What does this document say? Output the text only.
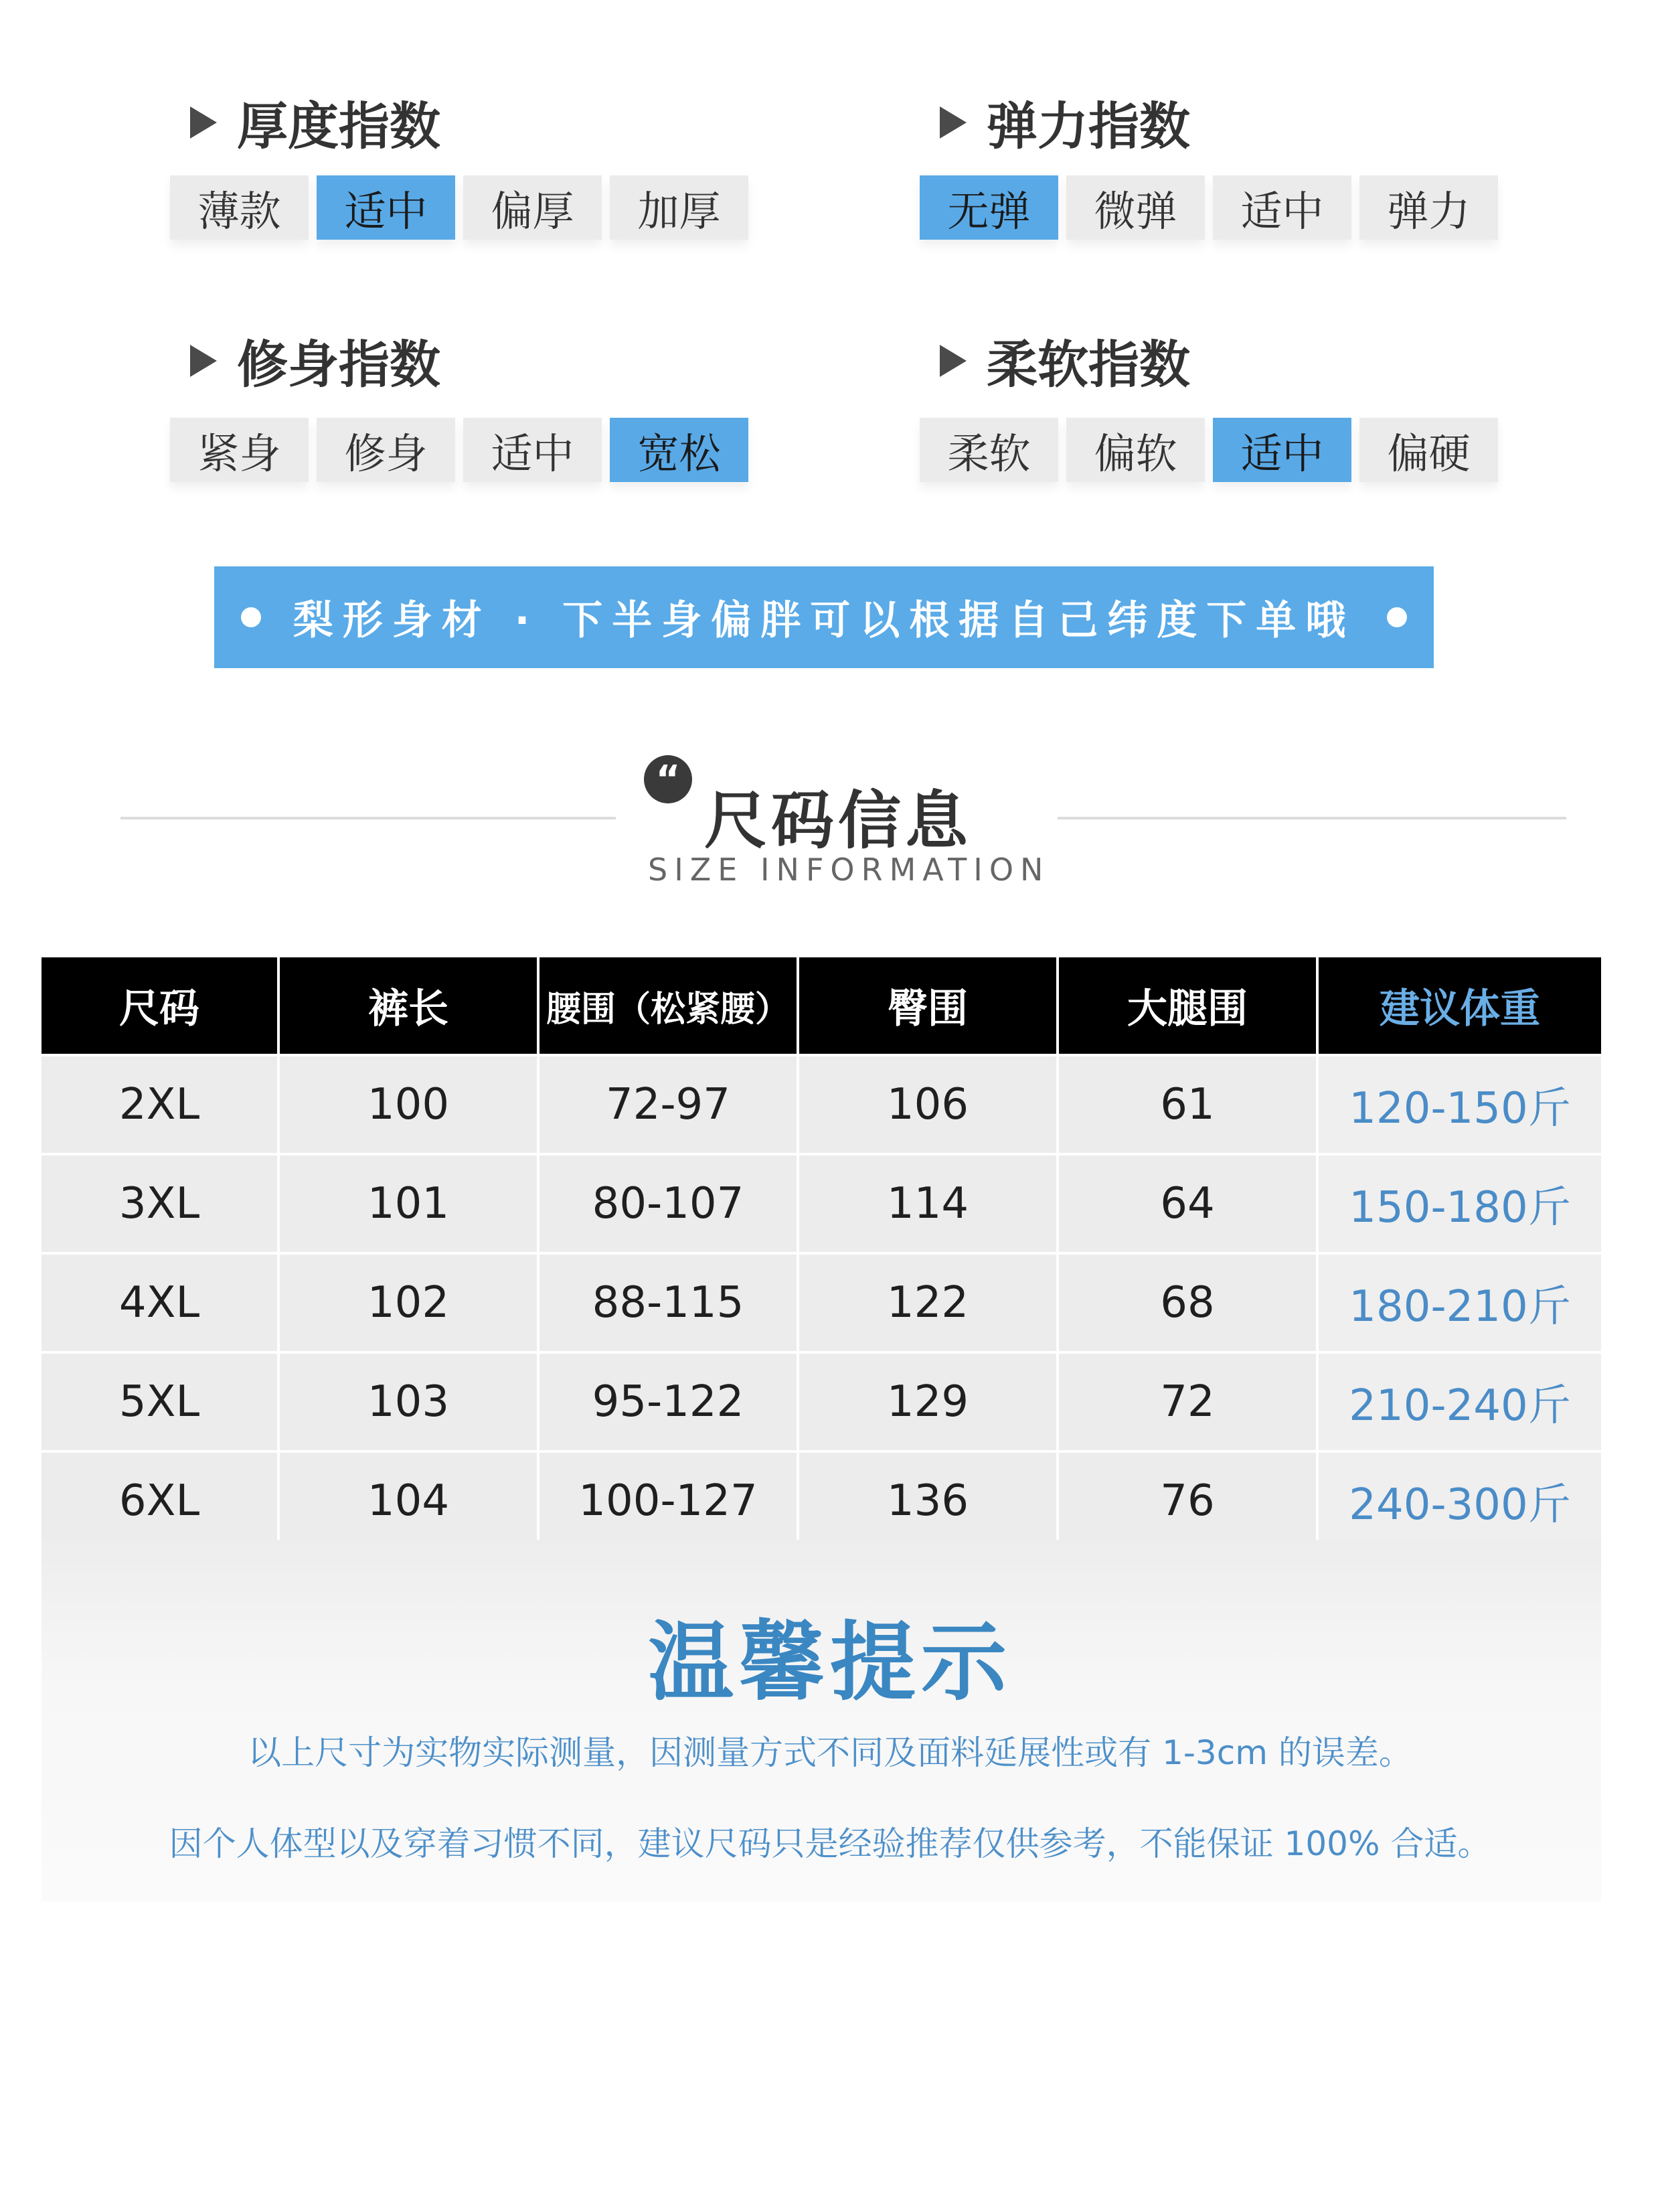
厚度指数
薄款	适中	偏厚	加厚
弹力指数
无弹	微弹	适中	弹力
修身指数
紧身	修身	适中	宽松
柔软指数
柔软	偏软	适中	偏硬
梨形身材 · 下半身偏胖可以根据自己纬度下单哦
“
尺码信息
SIZE INFORMATION
尺码	裤长	腰围（松紧腰）	臀围	大腿围	建议体重
2XL	100	72-97	106	61	120-150斤
3XL	101	80-107	114	64	150-180斤
4XL	102	88-115	122	68	180-210斤
5XL	103	95-122	129	72	210-240斤
6XL	104	100-127	136	76	240-300斤
温馨提示
以上尺寸为实物实际测量，因测量方式不同及面料延展性或有 1-3cm 的误差。
因个人体型以及穿着习惯不同，建议尺码只是经验推荐仅供参考，不能保证 100% 合适。
